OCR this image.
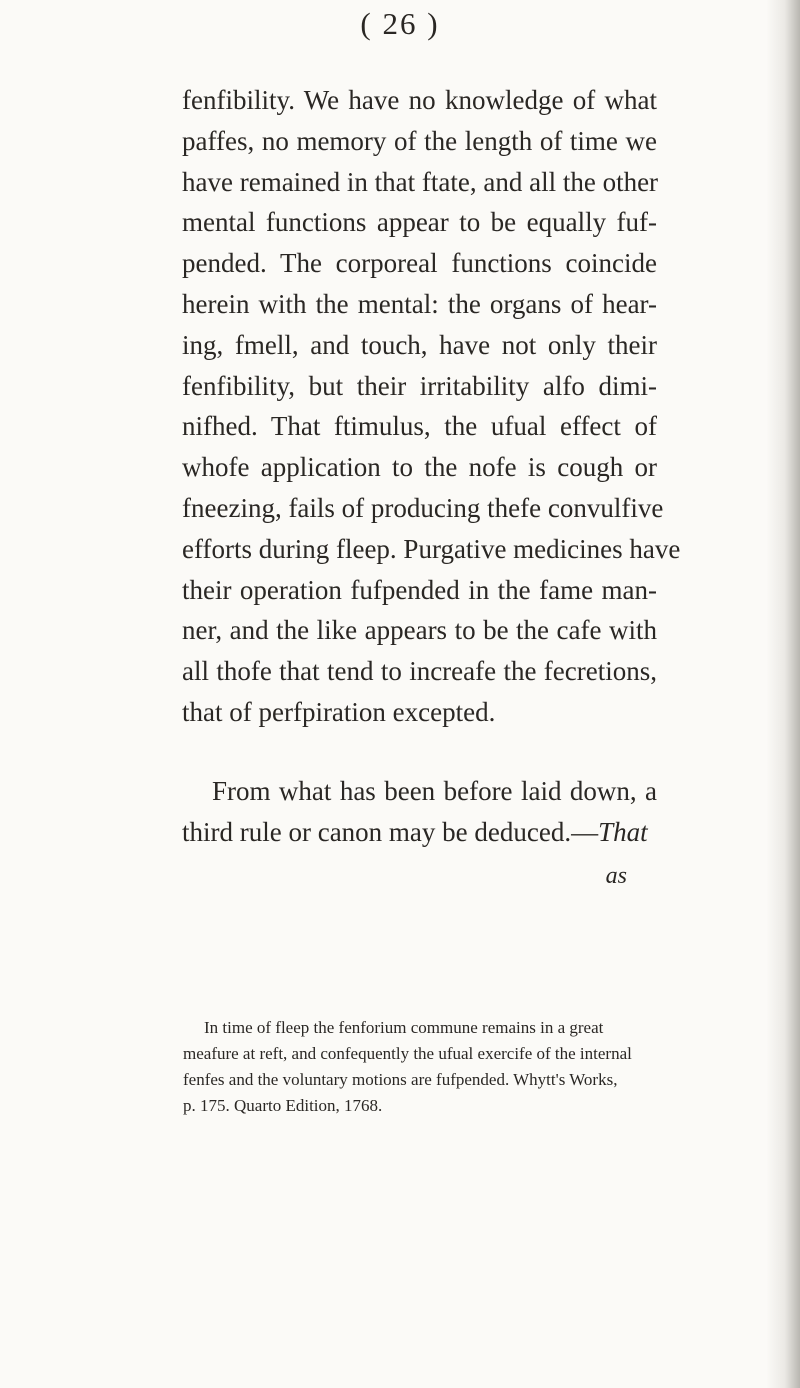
( 26 )
fenfibility. We have no knowledge of what
paffes, no memory of the length of time we
have remained in that ftate, and all the other
mental functions appear to be equally fuf-
pended. The corporeal functions coincide
herein with the mental: the organs of hear-
ing, fmell, and touch, have not only their
fenfibility, but their irritability alfo dimi-
nifhed. That ftimulus, the ufual effect of
whofe application to the nofe is cough or
fneezing, fails of producing thefe convulfive
efforts during fleep. Purgative medicines have
their operation fufpended in the fame man-
ner, and the like appears to be the cafe with
all thofe that tend to increafe the fecretions,
that of perfpiration excepted.
From what has been before laid down, a
third rule or canon may be deduced.—That
as
In time of fleep the fenforium commune remains in a great
meafure at reft, and confequently the ufual exercife of the internal
fenfes and the voluntary motions are fufpended. Whytt's Works,
p. 175. Quarto Edition, 1768.
